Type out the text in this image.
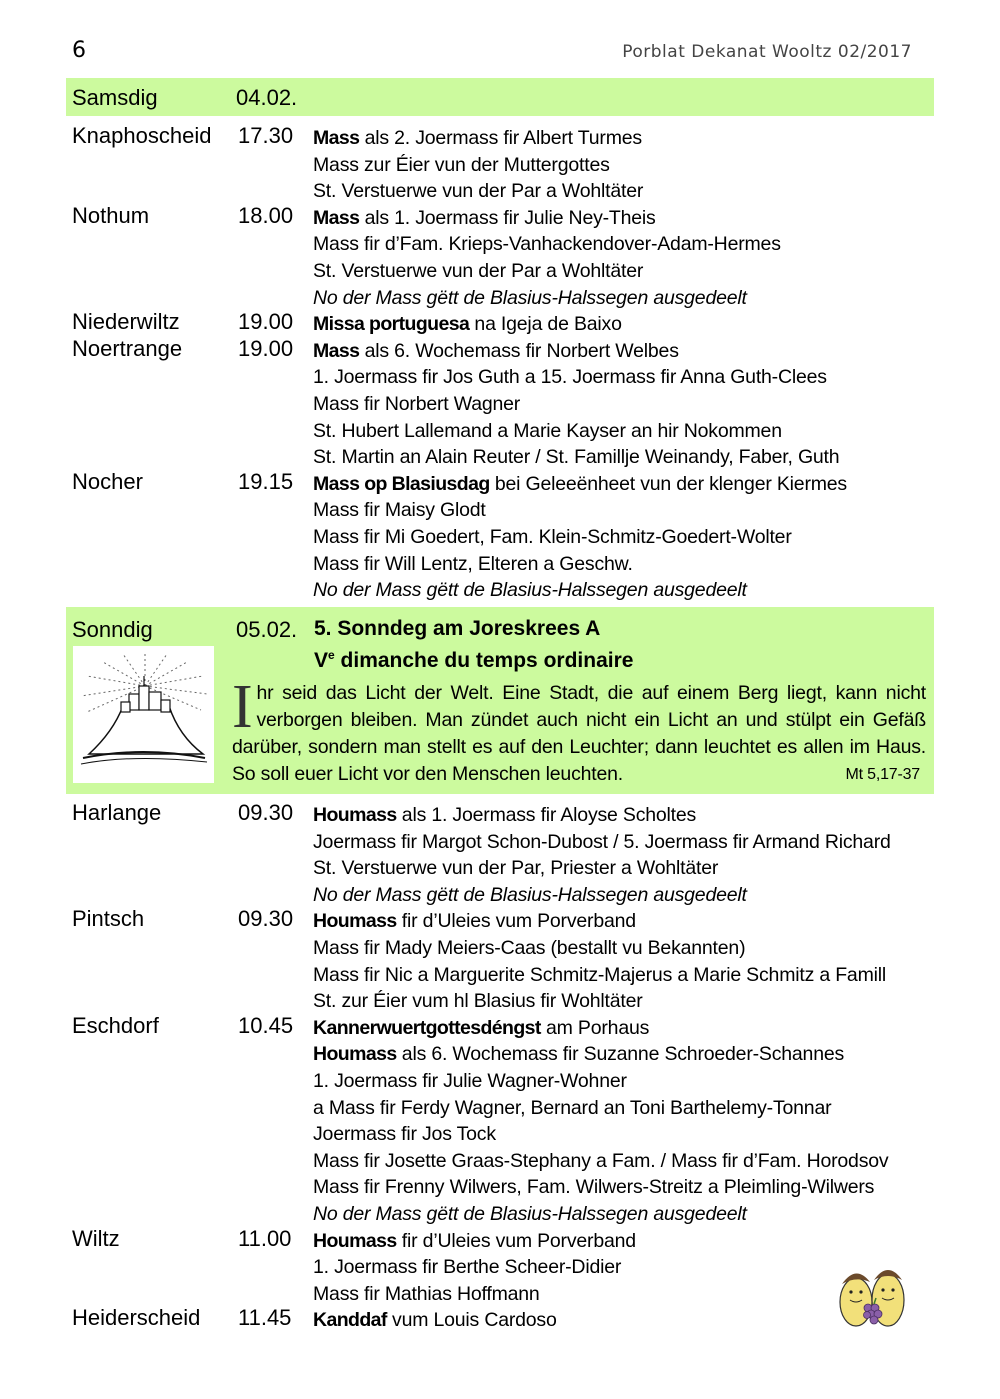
6	Porblat Dekanat Wooltz 02/2017
Samsdig	04.02.
Sonndig	05.02. 5. Sonndeg am Joreskrees A
Ve dimanche du temps ordinaire
Ihr seid das Licht der Welt. Eine Stadt, die auf einem Berg liegt, kann nicht verborgen bleiben. Man zündet auch nicht ein Licht an und stülpt ein Gefäß darüber, sondern man stellt es auf den Leuchter; dann leuchtet es allen im Haus. So soll euer Licht vor den Menschen leuchten.	Mt 5,17-37
Knaphoscheid 17.30 Mass als 2. Joermass fir Albert Turmes
Mass zur Éier vun der Muttergottes
St. Verstuerwe vun der Par a Wohltäter
Nothum	18.00 Mass als 1. Joermass fir Julie Ney-Theis
Mass fir d’Fam. Krieps-Vanhackendover-Adam-Hermes
St. Verstuerwe vun der Par a Wohltäter
No der Mass gëtt de Blasius-Halssegen ausgedeelt
Niederwiltz	19.00 Missa portuguesa na Igeja de Baixo
Noertrange	19.00 Mass als 6. Wochemass fir Norbert Welbes
1. Joermass fir Jos Guth a 15. Joermass fir Anna Guth-Clees
Mass fir Norbert Wagner
St. Hubert Lallemand a Marie Kayser an hir Nokommen
St. Martin an Alain Reuter / St. Famillje Weinandy, Faber, Guth
Nocher	19.15 Mass op Blasiusdag bei Geleeënheet vun der klenger Kiermes
Mass fir Maisy Glodt
Mass fir Mi Goedert, Fam. Klein-Schmitz-Goedert-Wolter
Mass fir Will Lentz, Elteren a Geschw.
No der Mass gëtt de Blasius-Halssegen ausgedeelt
Harlange	09.30 Houmass als 1. Joermass fir Aloyse Scholtes
Joermass fir Margot Schon-Dubost / 5. Joermass fir Armand Richard
St. Verstuerwe vun der Par, Priester a Wohltäter
No der Mass gëtt de Blasius-Halssegen ausgedeelt
Pintsch	09.30 Houmass fir d’Uleies vum Porverband
Mass fir Mady Meiers-Caas (bestallt vu Bekannten)
Mass fir Nic a Marguerite Schmitz-Majerus a Marie Schmitz a Famill
St. zur Éier vum hl Blasius fir Wohltäter
Eschdorf	10.45 Kannerwuertgottesdéngst am Porhaus
Houmass als 6. Wochemass fir Suzanne Schroeder-Schannes
1. Joermass fir Julie Wagner-Wohner
a Mass fir Ferdy Wagner, Bernard an Toni Barthelemy-Tonnar
Joermass fir Jos Tock
Mass fir Josette Graas-Stephany a Fam. / Mass fir d’Fam. Horodsov
Mass fir Frenny Wilwers, Fam. Wilwers-Streitz a Pleimling-Wilwers
No der Mass gëtt de Blasius-Halssegen ausgedeelt
Wiltz	11.00 Houmass fir d’Uleies vum Porverband
1. Joermass fir Berthe Scheer-Didier
Mass fir Mathias Hoffmann
Heiderscheid 11.45 Kanddaf vum Louis Cardoso
